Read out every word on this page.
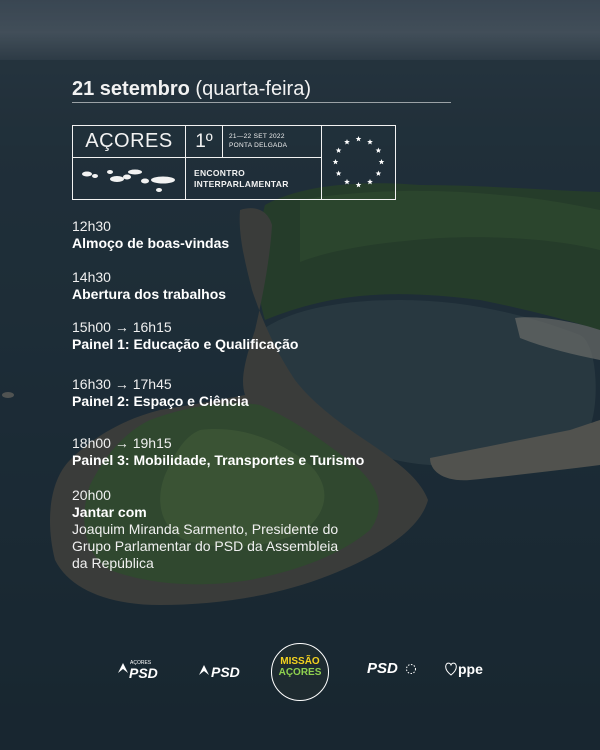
21 setembro (quarta-feira)
AÇORES	1º	21—22 SET 2022
PONTA DELGADA
ENCONTRO
INTERPARLAMENTAR
12h30
Almoço de boas-vindas
14h30
Abertura dos trabalhos
15h00 → 16h15
Painel 1: Educação e Qualificação
16h30 → 17h45
Painel 2: Espaço e Ciência
18h00 → 19h15
Painel 3: Mobilidade, Transportes e Turismo
20h00
Jantar com
Joaquim Miranda Sarmento, Presidente do
Grupo Parlamentar do PSD da Assembleia
da República
AÇORES
PSD	PSD
MISSÃO
AÇORES	PSD	ppe
